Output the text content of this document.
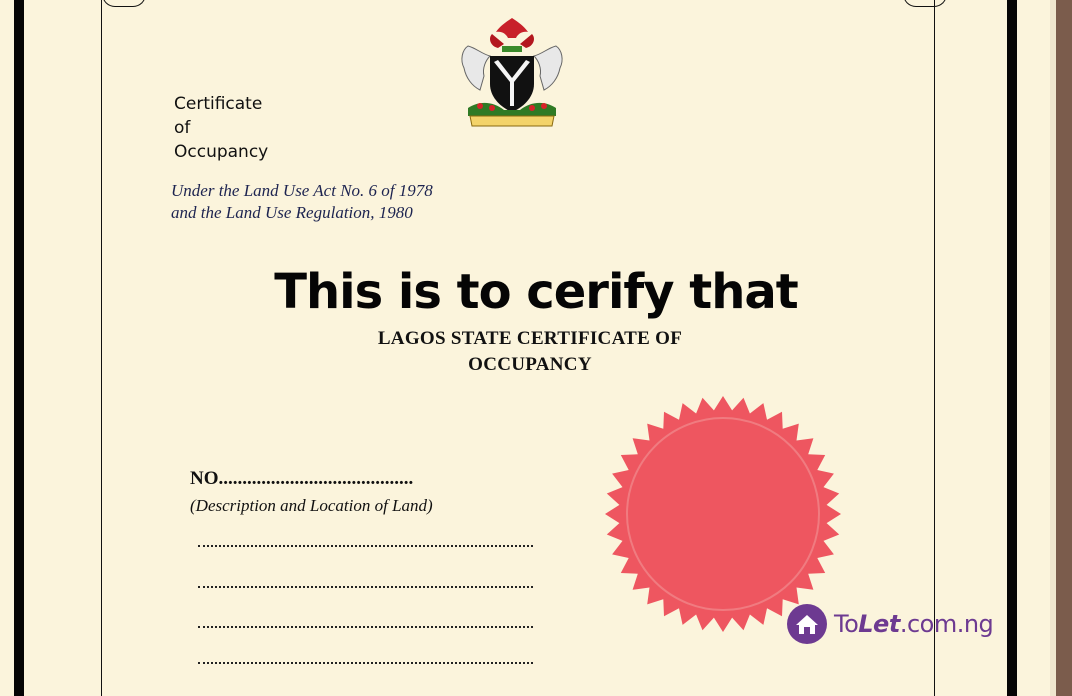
Certificate
of
Occupancy
Under the Land Use Act No. 6 of 1978
and the Land Use Regulation, 1980
This is to cerify that
LAGOS STATE CERTIFICATE OF
OCCUPANCY
NO.........................................
(Description and Location of Land)
ToLet.com.ng
